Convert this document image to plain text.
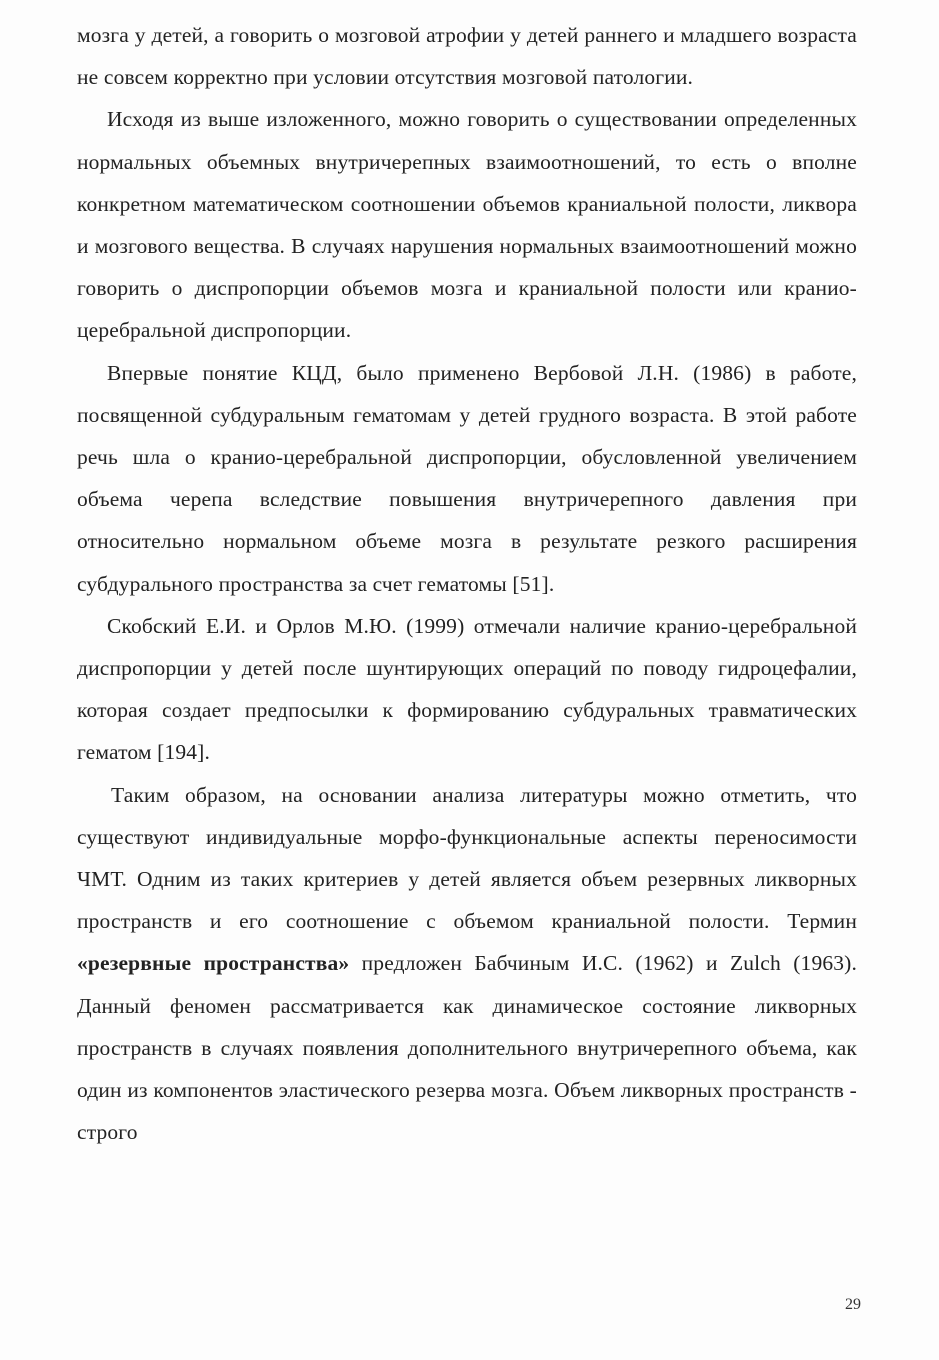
мозга у детей, а говорить о мозговой атрофии у детей раннего и младшего возраста не совсем корректно при условии отсутствия мозговой патологии.

Исходя из выше изложенного, можно говорить о существовании определенных нормальных объемных внутричерепных взаимоотношений, то есть о вполне конкретном математическом соотношении объемов краниальной полости, ликвора и мозгового вещества. В случаях нарушения нормальных взаимоотношений можно говорить о диспропорции объемов мозга и краниальной полости или кранио-церебральной диспропорции.

Впервые понятие КЦД, было применено Вербовой Л.Н. (1986) в работе, посвященной субдуральным гематомам у детей грудного возраста. В этой работе речь шла о кранио-церебральной диспропорции, обусловленной увеличением объема черепа вследствие повышения внутричерепного давления при относительно нормальном объеме мозга в результате резкого расширения субдурального пространства за счет гематомы [51].

Скобский Е.И. и Орлов М.Ю. (1999) отмечали наличие кранио-церебральной диспропорции у детей после шунтирующих операций по поводу гидроцефалии, которая создает предпосылки к формированию субдуральных травматических гематом [194].

Таким образом, на основании анализа литературы можно отметить, что существуют индивидуальные морфо-функциональные аспекты переносимости ЧМТ. Одним из таких критериев у детей является объем резервных ликворных пространств и его соотношение с объемом краниальной полости. Термин «резервные пространства» предложен Бабчиным И.С. (1962) и Zulch (1963). Данный феномен рассматривается как динамическое состояние ликворных пространств в случаях появления дополнительного внутричерепного объема, как один из компонентов эластического резерва мозга. Объем ликворных пространств - строго

29
